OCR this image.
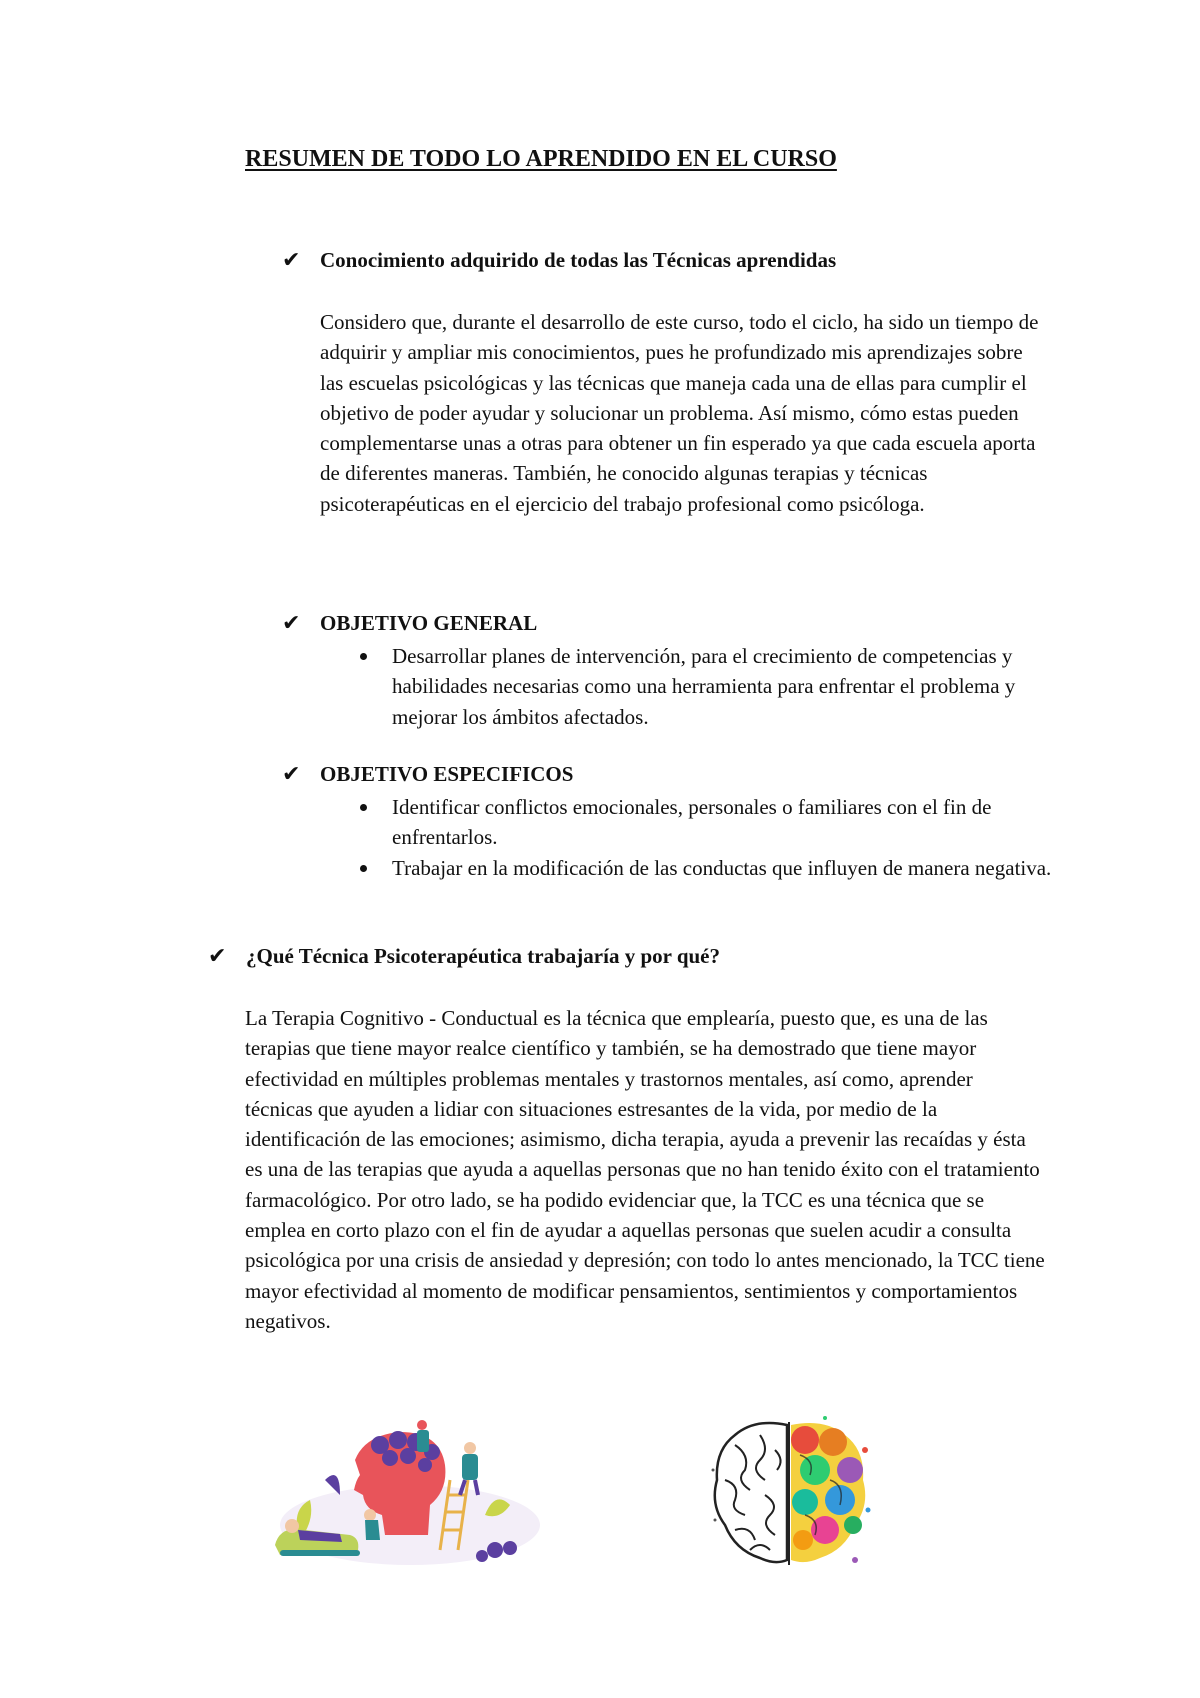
RESUMEN DE TODO LO APRENDIDO EN EL CURSO
✔ Conocimiento adquirido de todas las Técnicas aprendidas

Considero que, durante el desarrollo de este curso, todo el ciclo, ha sido un tiempo de adquirir y ampliar mis conocimientos, pues he profundizado mis aprendizajes sobre las escuelas psicológicas y las técnicas que maneja cada una de ellas para cumplir el objetivo de poder ayudar y solucionar un problema. Así mismo, cómo estas pueden complementarse unas a otras para obtener un fin esperado ya que cada escuela aporta de diferentes maneras. También, he conocido algunas terapias y técnicas psicoterapéuticas en el ejercicio del trabajo profesional como psicóloga.

✔ OBJETIVO GENERAL
Desarrollar planes de intervención, para el crecimiento de competencias y habilidades necesarias como una herramienta para enfrentar el problema y mejorar los ámbitos afectados.
✔ OBJETIVO ESPECIFICOS
Identificar conflictos emocionales, personales o familiares con el fin de enfrentarlos.
Trabajar en la modificación de las conductas que influyen de manera negativa.
✔ ¿Qué Técnica Psicoterapéutica trabajaría y por qué?

La Terapia Cognitivo - Conductual es la técnica que emplearía, puesto que, es una de las terapias que tiene mayor realce científico y también, se ha demostrado que tiene mayor efectividad en múltiples problemas mentales y trastornos mentales, así como, aprender técnicas que ayuden a lidiar con situaciones estresantes de la vida, por medio de la identificación de las emociones; asimismo, dicha terapia, ayuda a prevenir las recaídas y ésta es una de las terapias que ayuda a aquellas personas que no han tenido éxito con el tratamiento farmacológico. Por otro lado, se ha podido evidenciar que, la TCC es una técnica que se emplea en corto plazo con el fin de ayudar a aquellas personas que suelen acudir a consulta psicológica por una crisis de ansiedad y depresión; con todo lo antes mencionado, la TCC tiene mayor efectividad al momento de modificar pensamientos, sentimientos y comportamientos negativos.
